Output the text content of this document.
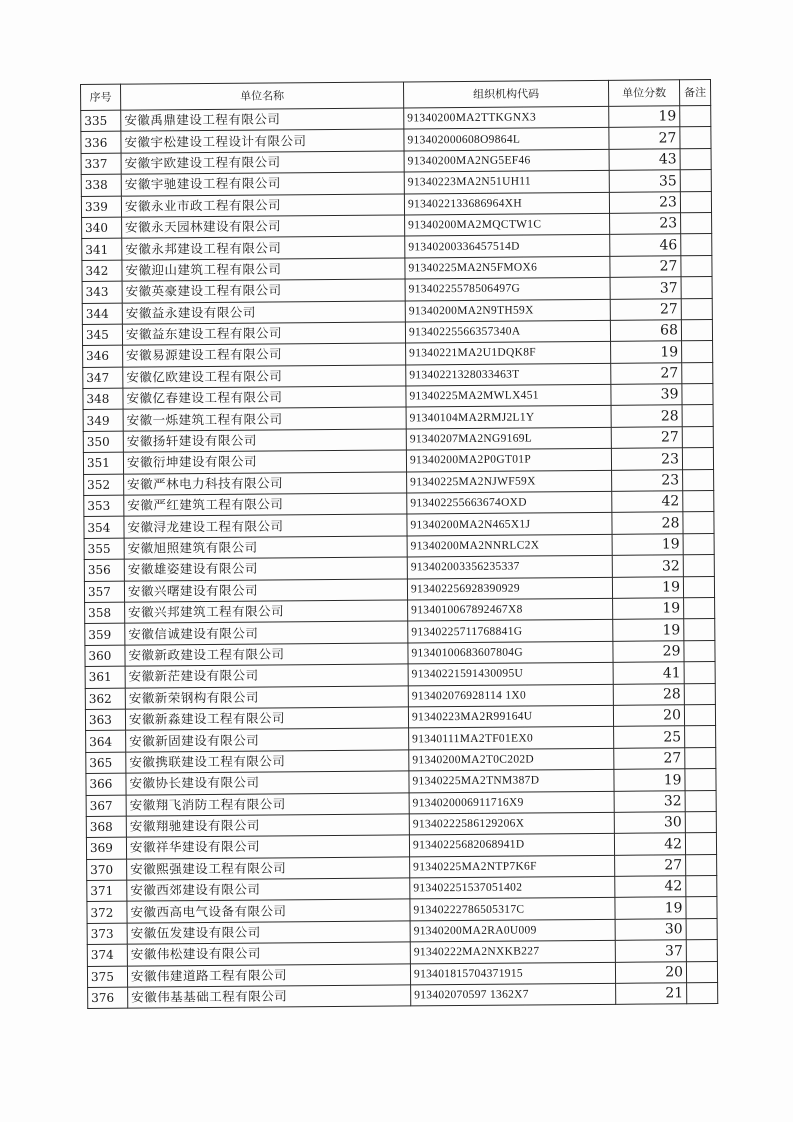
序号	单位名称	组织机构代码	单位分数	备注
335	安徽禹鼎建设工程有限公司	91340200MA2TTKGNX3	19	
336	安徽宇松建设工程设计有限公司	913402000608O9864L	27	
337	安徽宇欧建设工程有限公司	91340200MA2NG5EF46	43	
338	安徽宇驰建设工程有限公司	91340223MA2N51UH11	35	
339	安徽永业市政工程有限公司	9134022133686964XH	23	
340	安徽永天园林建设有限公司	91340200MA2MQCTW1C	23	
341	安徽永邦建设工程有限公司	91340200336457514D	46	
342	安徽迎山建筑工程有限公司	91340225MA2N5FMOX6	27	
343	安徽英豪建设工程有限公司	91340225578506497G	37	
344	安徽益永建设有限公司	91340200MA2N9TH59X	27	
345	安徽益东建设工程有限公司	91340225566357340A	68	
346	安徽易源建设工程有限公司	91340221MA2U1DQK8F	19	
347	安徽亿欧建设工程有限公司	91340221328033463T	27	
348	安徽亿春建设工程有限公司	91340225MA2MWLX451	39	
349	安徽一烁建筑工程有限公司	91340104MA2RMJ2L1Y	28	
350	安徽扬轩建设有限公司	91340207MA2NG9169L	27	
351	安徽衍坤建设有限公司	91340200MA2P0GT01P	23	
352	安徽严林电力科技有限公司	91340225MA2NJWF59X	23	
353	安徽严红建筑工程有限公司	913402255663674OXD	42	
354	安徽浔龙建设工程有限公司	91340200MA2N465X1J	28	
355	安徽旭照建筑有限公司	91340200MA2NNRLC2X	19	
356	安徽雄姿建设有限公司	913402003356235337	32	
357	安徽兴曙建设有限公司	913402256928390929	19	
358	安徽兴邦建筑工程有限公司	9134010067892467X8	19	
359	安徽信诚建设有限公司	91340225711768841G	19	
360	安徽新政建设工程有限公司	91340100683607804G	29	
361	安徽新茫建设有限公司	91340221591430095U	41	
362	安徽新荣钢构有限公司	913402076928114 1X0	28	
363	安徽新淼建设工程有限公司	91340223MA2R99164U	20	
364	安徽新固建设有限公司	91340111MA2TF01EX0	25	
365	安徽携联建设工程有限公司	91340200MA2T0C202D	27	
366	安徽协长建设有限公司	91340225MA2TNM387D	19	
367	安徽翔飞消防工程有限公司	9134020006911716X9	32	
368	安徽翔驰建设有限公司	91340222586129206X	30	
369	安徽祥华建设有限公司	91340225682068941D	42	
370	安徽熙强建设工程有限公司	91340225MA2NTP7K6F	27	
371	安徽西郊建设有限公司	913402251537051402	42	
372	安徽西高电气设备有限公司	91340222786505317C	19	
373	安徽伍发建设有限公司	91340200MA2RA0U009	30	
374	安徽伟松建设有限公司	91340222MA2NXKB227	37	
375	安徽伟建道路工程有限公司	913401815704371915	20	
376	安徽伟基基础工程有限公司	913402070597 1362X7	21	
